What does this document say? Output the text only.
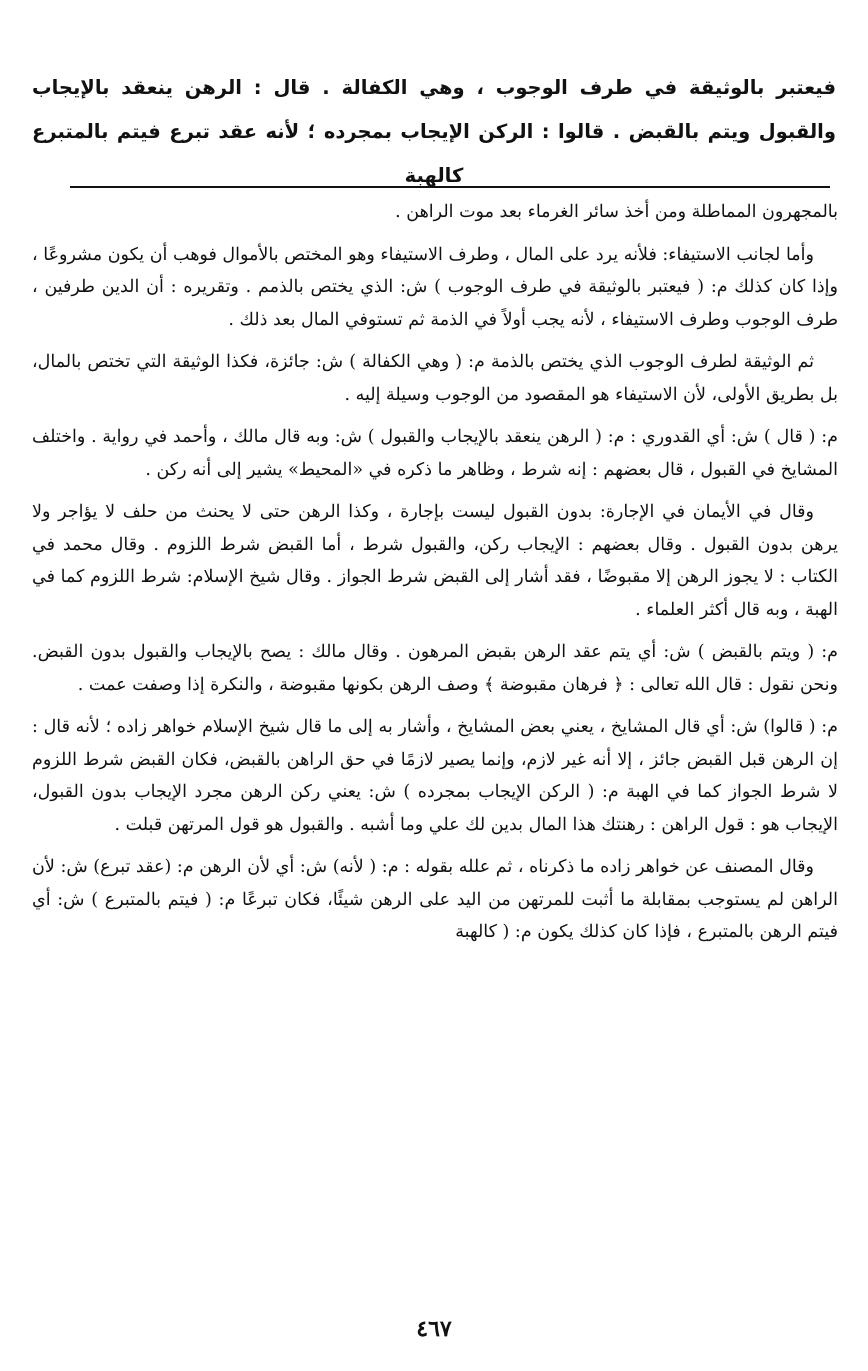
فيعتبر بالوثيقة في طرف الوجوب ، وهي الكفالة . قال : الرهن ينعقد بالإيجاب والقبول ويتم بالقبض . قالوا : الركن الإيجاب بمجرده ؛ لأنه عقد تبرع فيتم بالمتبرع كالهبة

بالمجهرون المماطلة ومن أخذ سائر الغرماء بعد موت الراهن .

وأما لجانب الاستيفاء: فلأنه يرد على المال ، وطرف الاستيفاء وهو المختص بالأموال فوهب أن يكون مشروعًا ، وإذا كان كذلك م: ( فيعتبر بالوثيقة في طرف الوجوب ) ش: الذي يختص بالذمم . وتقريره : أن الدين طرفين ، طرف الوجوب وطرف الاستيفاء ، لأنه يجب أولاً في الذمة ثم تستوفي المال بعد ذلك .

ثم الوثيقة لطرف الوجوب الذي يختص بالذمة م: ( وهي الكفالة ) ش: جائزة، فكذا الوثيقة التي تختص بالمال، بل بطريق الأولى، لأن الاستيفاء هو المقصود من الوجوب وسيلة إليه .

م: ( قال ) ش: أي القدوري : م: ( الرهن ينعقد بالإيجاب والقبول ) ش: وبه قال مالك ، وأحمد في رواية . واختلف المشايخ في القبول ، قال بعضهم : إنه شرط ، وظاهر ما ذكره في «المحيط» يشير إلى أنه ركن .

وقال في الأيمان في الإجارة: بدون القبول ليست بإجارة ، وكذا الرهن حتى لا يحنث من حلف لا يؤاجر ولا يرهن بدون القبول . وقال بعضهم : الإيجاب ركن، والقبول شرط ، أما القبض شرط اللزوم . وقال محمد في الكتاب : لا يجوز الرهن إلا مقبوضًا ، فقد أشار إلى القبض شرط الجواز . وقال شيخ الإسلام: شرط اللزوم كما في الهبة ، وبه قال أكثر العلماء .

م: ( ويتم بالقبض ) ش: أي يتم عقد الرهن بقبض المرهون . وقال مالك : يصح بالإيجاب والقبول بدون القبض. ونحن نقول : قال الله تعالى : ﴿ فرهان مقبوضة ﴾ وصف الرهن بكونها مقبوضة ، والنكرة إذا وصفت عمت .

م: ( قالوا) ش: أي قال المشايخ ، يعني بعض المشايخ ، وأشار به إلى ما قال شيخ الإسلام خواهر زاده ؛ لأنه قال : إن الرهن قبل القبض جائز ، إلا أنه غير لازم، وإنما يصير لازمًا في حق الراهن بالقبض، فكان القبض شرط اللزوم لا شرط الجواز كما في الهبة م: ( الركن الإيجاب بمجرده ) ش: يعني ركن الرهن مجرد الإيجاب بدون القبول، الإيجاب هو : قول الراهن : رهنتك هذا المال بدين لك علي وما أشبه . والقبول هو قول المرتهن قبلت .

وقال المصنف عن خواهر زاده ما ذكرناه ، ثم علله بقوله : م: ( لأنه) ش: أي لأن الرهن م: (عقد تبرع) ش: لأن الراهن لم يستوجب بمقابلة ما أثبت للمرتهن من اليد على الرهن شيئًا، فكان تبرعًا م: ( فيتم بالمتبرع ) ش: أي فيتم الرهن بالمتبرع ، فإذا كان كذلك يكون م: ( كالهبة

٤٦٧
